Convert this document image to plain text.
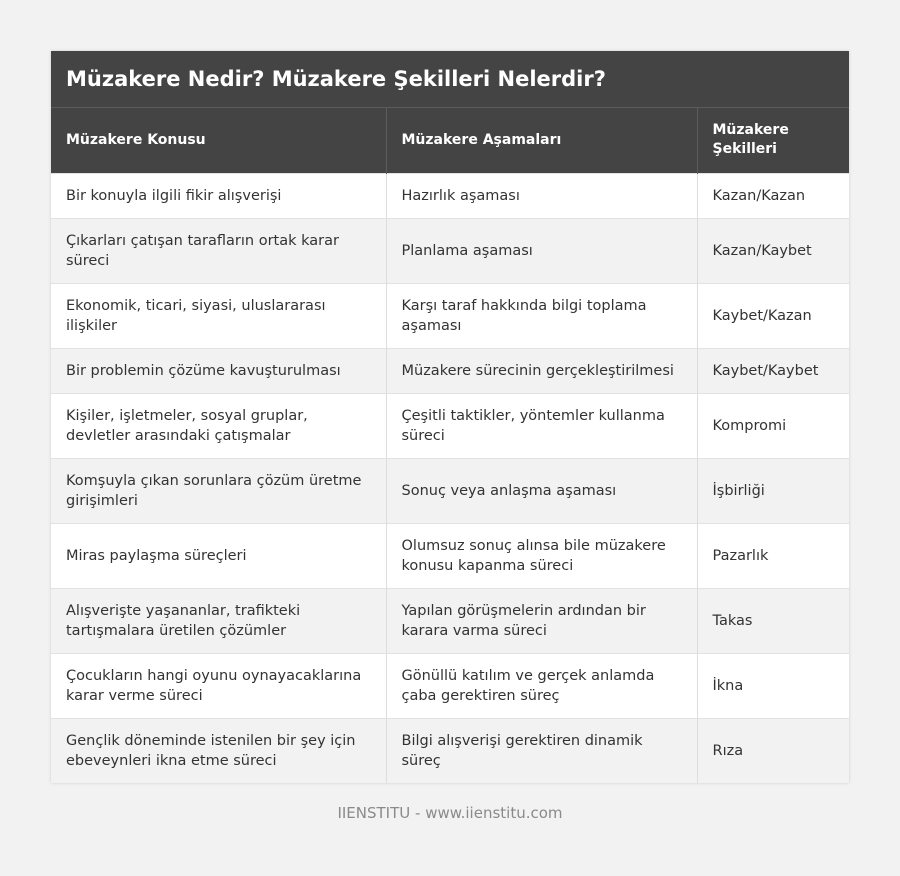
Müzakere Nedir? Müzakere Şekilleri Nelerdir?
Müzakere Konusu	Müzakere Aşamaları	Müzakere Şekilleri
Bir konuyla ilgili fikir alışverişi	Hazırlık aşaması	Kazan/Kazan
Çıkarları çatışan tarafların ortak karar süreci	Planlama aşaması	Kazan/Kaybet
Ekonomik, ticari, siyasi, uluslararası ilişkiler	Karşı taraf hakkında bilgi toplama aşaması	Kaybet/Kazan
Bir problemin çözüme kavuşturulması	Müzakere sürecinin gerçekleştirilmesi	Kaybet/Kaybet
Kişiler, işletmeler, sosyal gruplar, devletler arasındaki çatışmalar	Çeşitli taktikler, yöntemler kullanma süreci	Kompromi
Komşuyla çıkan sorunlara çözüm üretme girişimleri	Sonuç veya anlaşma aşaması	İşbirliği
Miras paylaşma süreçleri	Olumsuz sonuç alınsa bile müzakere konusu kapanma süreci	Pazarlık
Alışverişte yaşananlar, trafikteki tartışmalara üretilen çözümler	Yapılan görüşmelerin ardından bir karara varma süreci	Takas
Çocukların hangi oyunu oynayacaklarına karar verme süreci	Gönüllü katılım ve gerçek anlamda çaba gerektiren süreç	İkna
Gençlik döneminde istenilen bir şey için ebeveynleri ikna etme süreci	Bilgi alışverişi gerektiren dinamik süreç	Rıza
IIENSTITU - www.iienstitu.com
